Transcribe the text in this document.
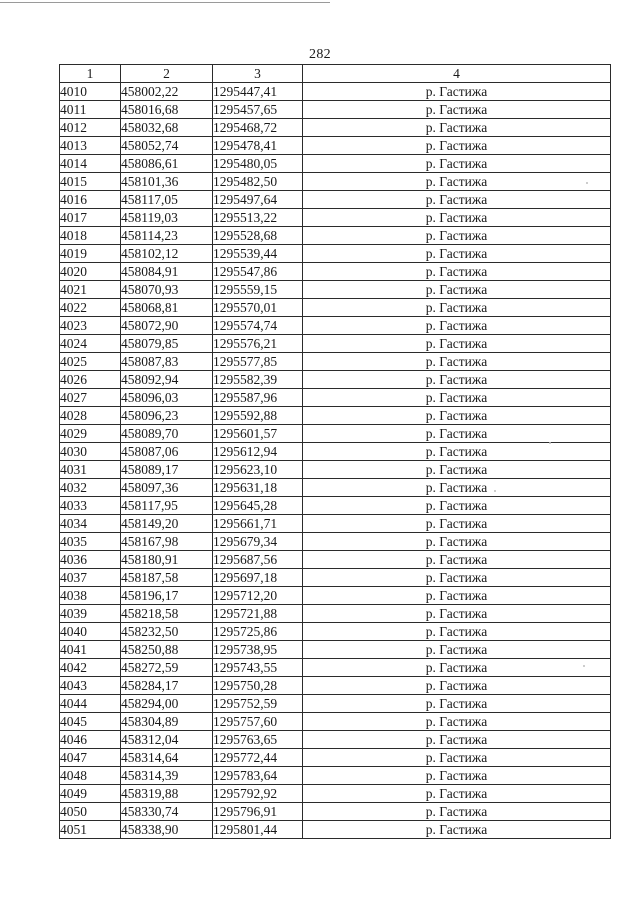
282
1	2	3	4
4010	458002,22	1295447,41	р. Гастижа
4011	458016,68	1295457,65	р. Гастижа
4012	458032,68	1295468,72	р. Гастижа
4013	458052,74	1295478,41	р. Гастижа
4014	458086,61	1295480,05	р. Гастижа
4015	458101,36	1295482,50	р. Гастижа
4016	458117,05	1295497,64	р. Гастижа
4017	458119,03	1295513,22	р. Гастижа
4018	458114,23	1295528,68	р. Гастижа
4019	458102,12	1295539,44	р. Гастижа
4020	458084,91	1295547,86	р. Гастижа
4021	458070,93	1295559,15	р. Гастижа
4022	458068,81	1295570,01	р. Гастижа
4023	458072,90	1295574,74	р. Гастижа
4024	458079,85	1295576,21	р. Гастижа
4025	458087,83	1295577,85	р. Гастижа
4026	458092,94	1295582,39	р. Гастижа
4027	458096,03	1295587,96	р. Гастижа
4028	458096,23	1295592,88	р. Гастижа
4029	458089,70	1295601,57	р. Гастижа
4030	458087,06	1295612,94	р. Гастижа
4031	458089,17	1295623,10	р. Гастижа
4032	458097,36	1295631,18	р. Гастижа
4033	458117,95	1295645,28	р. Гастижа
4034	458149,20	1295661,71	р. Гастижа
4035	458167,98	1295679,34	р. Гастижа
4036	458180,91	1295687,56	р. Гастижа
4037	458187,58	1295697,18	р. Гастижа
4038	458196,17	1295712,20	р. Гастижа
4039	458218,58	1295721,88	р. Гастижа
4040	458232,50	1295725,86	р. Гастижа
4041	458250,88	1295738,95	р. Гастижа
4042	458272,59	1295743,55	р. Гастижа
4043	458284,17	1295750,28	р. Гастижа
4044	458294,00	1295752,59	р. Гастижа
4045	458304,89	1295757,60	р. Гастижа
4046	458312,04	1295763,65	р. Гастижа
4047	458314,64	1295772,44	р. Гастижа
4048	458314,39	1295783,64	р. Гастижа
4049	458319,88	1295792,92	р. Гастижа
4050	458330,74	1295796,91	р. Гастижа
4051	458338,90	1295801,44	р. Гастижа
